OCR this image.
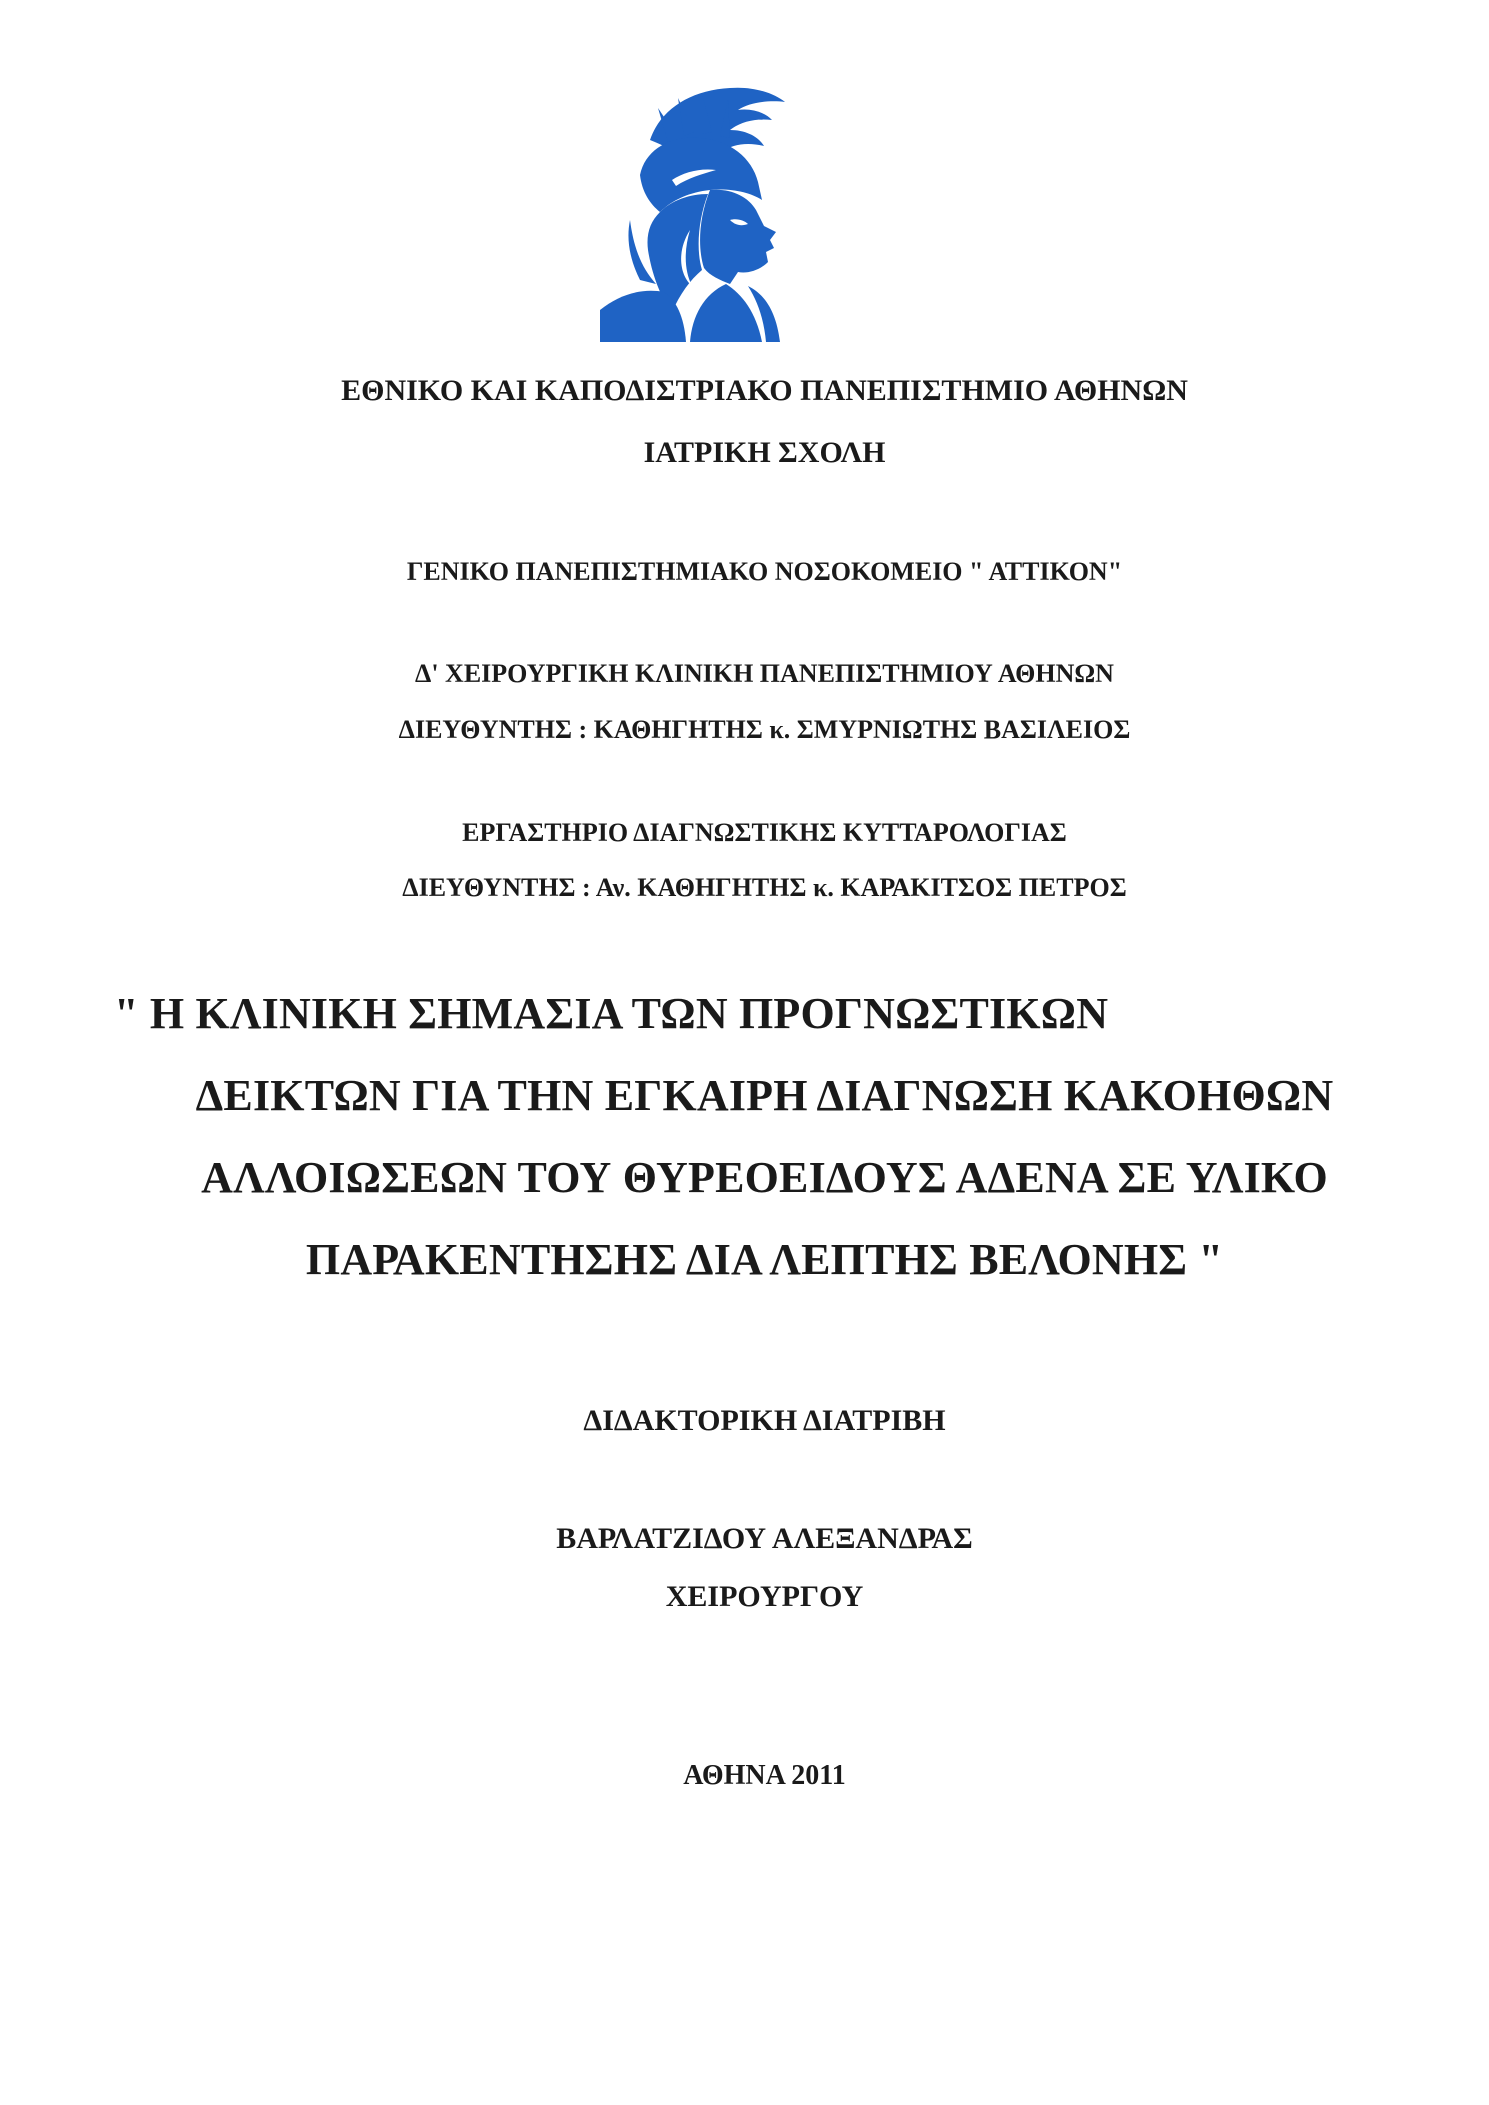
ΕΘΝΙΚΟ ΚΑΙ ΚΑΠΟΔΙΣΤΡΙΑΚΟ ΠΑΝΕΠΙΣΤΗΜΙΟ ΑΘΗΝΩΝ
ΙΑΤΡΙΚΗ ΣΧΟΛΗ
ΓΕΝΙΚΟ ΠΑΝΕΠΙΣΤΗΜΙΑΚΟ ΝΟΣΟΚΟΜΕΙΟ " ΑΤΤΙΚΟΝ"
Δ' ΧΕΙΡΟΥΡΓΙΚΗ ΚΛΙΝΙΚΗ ΠΑΝΕΠΙΣΤΗΜΙΟΥ ΑΘΗΝΩΝ
ΔΙΕΥΘΥΝΤΗΣ : ΚΑΘΗΓΗΤΗΣ κ. ΣΜΥΡΝΙΩΤΗΣ ΒΑΣΙΛΕΙΟΣ
ΕΡΓΑΣΤΗΡΙΟ ΔΙΑΓΝΩΣΤΙΚΗΣ ΚΥΤΤΑΡΟΛΟΓΙΑΣ
ΔΙΕΥΘΥΝΤΗΣ : Αν. ΚΑΘΗΓΗΤΗΣ κ. ΚΑΡΑΚΙΤΣΟΣ ΠΕΤΡΟΣ
" Η ΚΛΙΝΙΚΗ ΣΗΜΑΣΙΑ ΤΩΝ ΠΡΟΓΝΩΣΤΙΚΩΝ
ΔΕΙΚΤΩΝ ΓΙΑ ΤΗΝ ΕΓΚΑΙΡΗ ΔΙΑΓΝΩΣΗ ΚΑΚΟΗΘΩΝ
ΑΛΛΟΙΩΣΕΩΝ ΤΟΥ ΘΥΡΕΟΕΙΔΟΥΣ ΑΔΕΝΑ ΣΕ ΥΛΙΚΟ
ΠΑΡΑΚΕΝΤΗΣΗΣ ΔΙΑ ΛΕΠΤΗΣ ΒΕΛΟΝΗΣ "
ΔΙΔΑΚΤΟΡΙΚΗ ΔΙΑΤΡΙΒΗ
ΒΑΡΛΑΤΖΙΔΟΥ ΑΛΕΞΑΝΔΡΑΣ
ΧΕΙΡΟΥΡΓΟΥ
ΑΘΗΝΑ 2011
